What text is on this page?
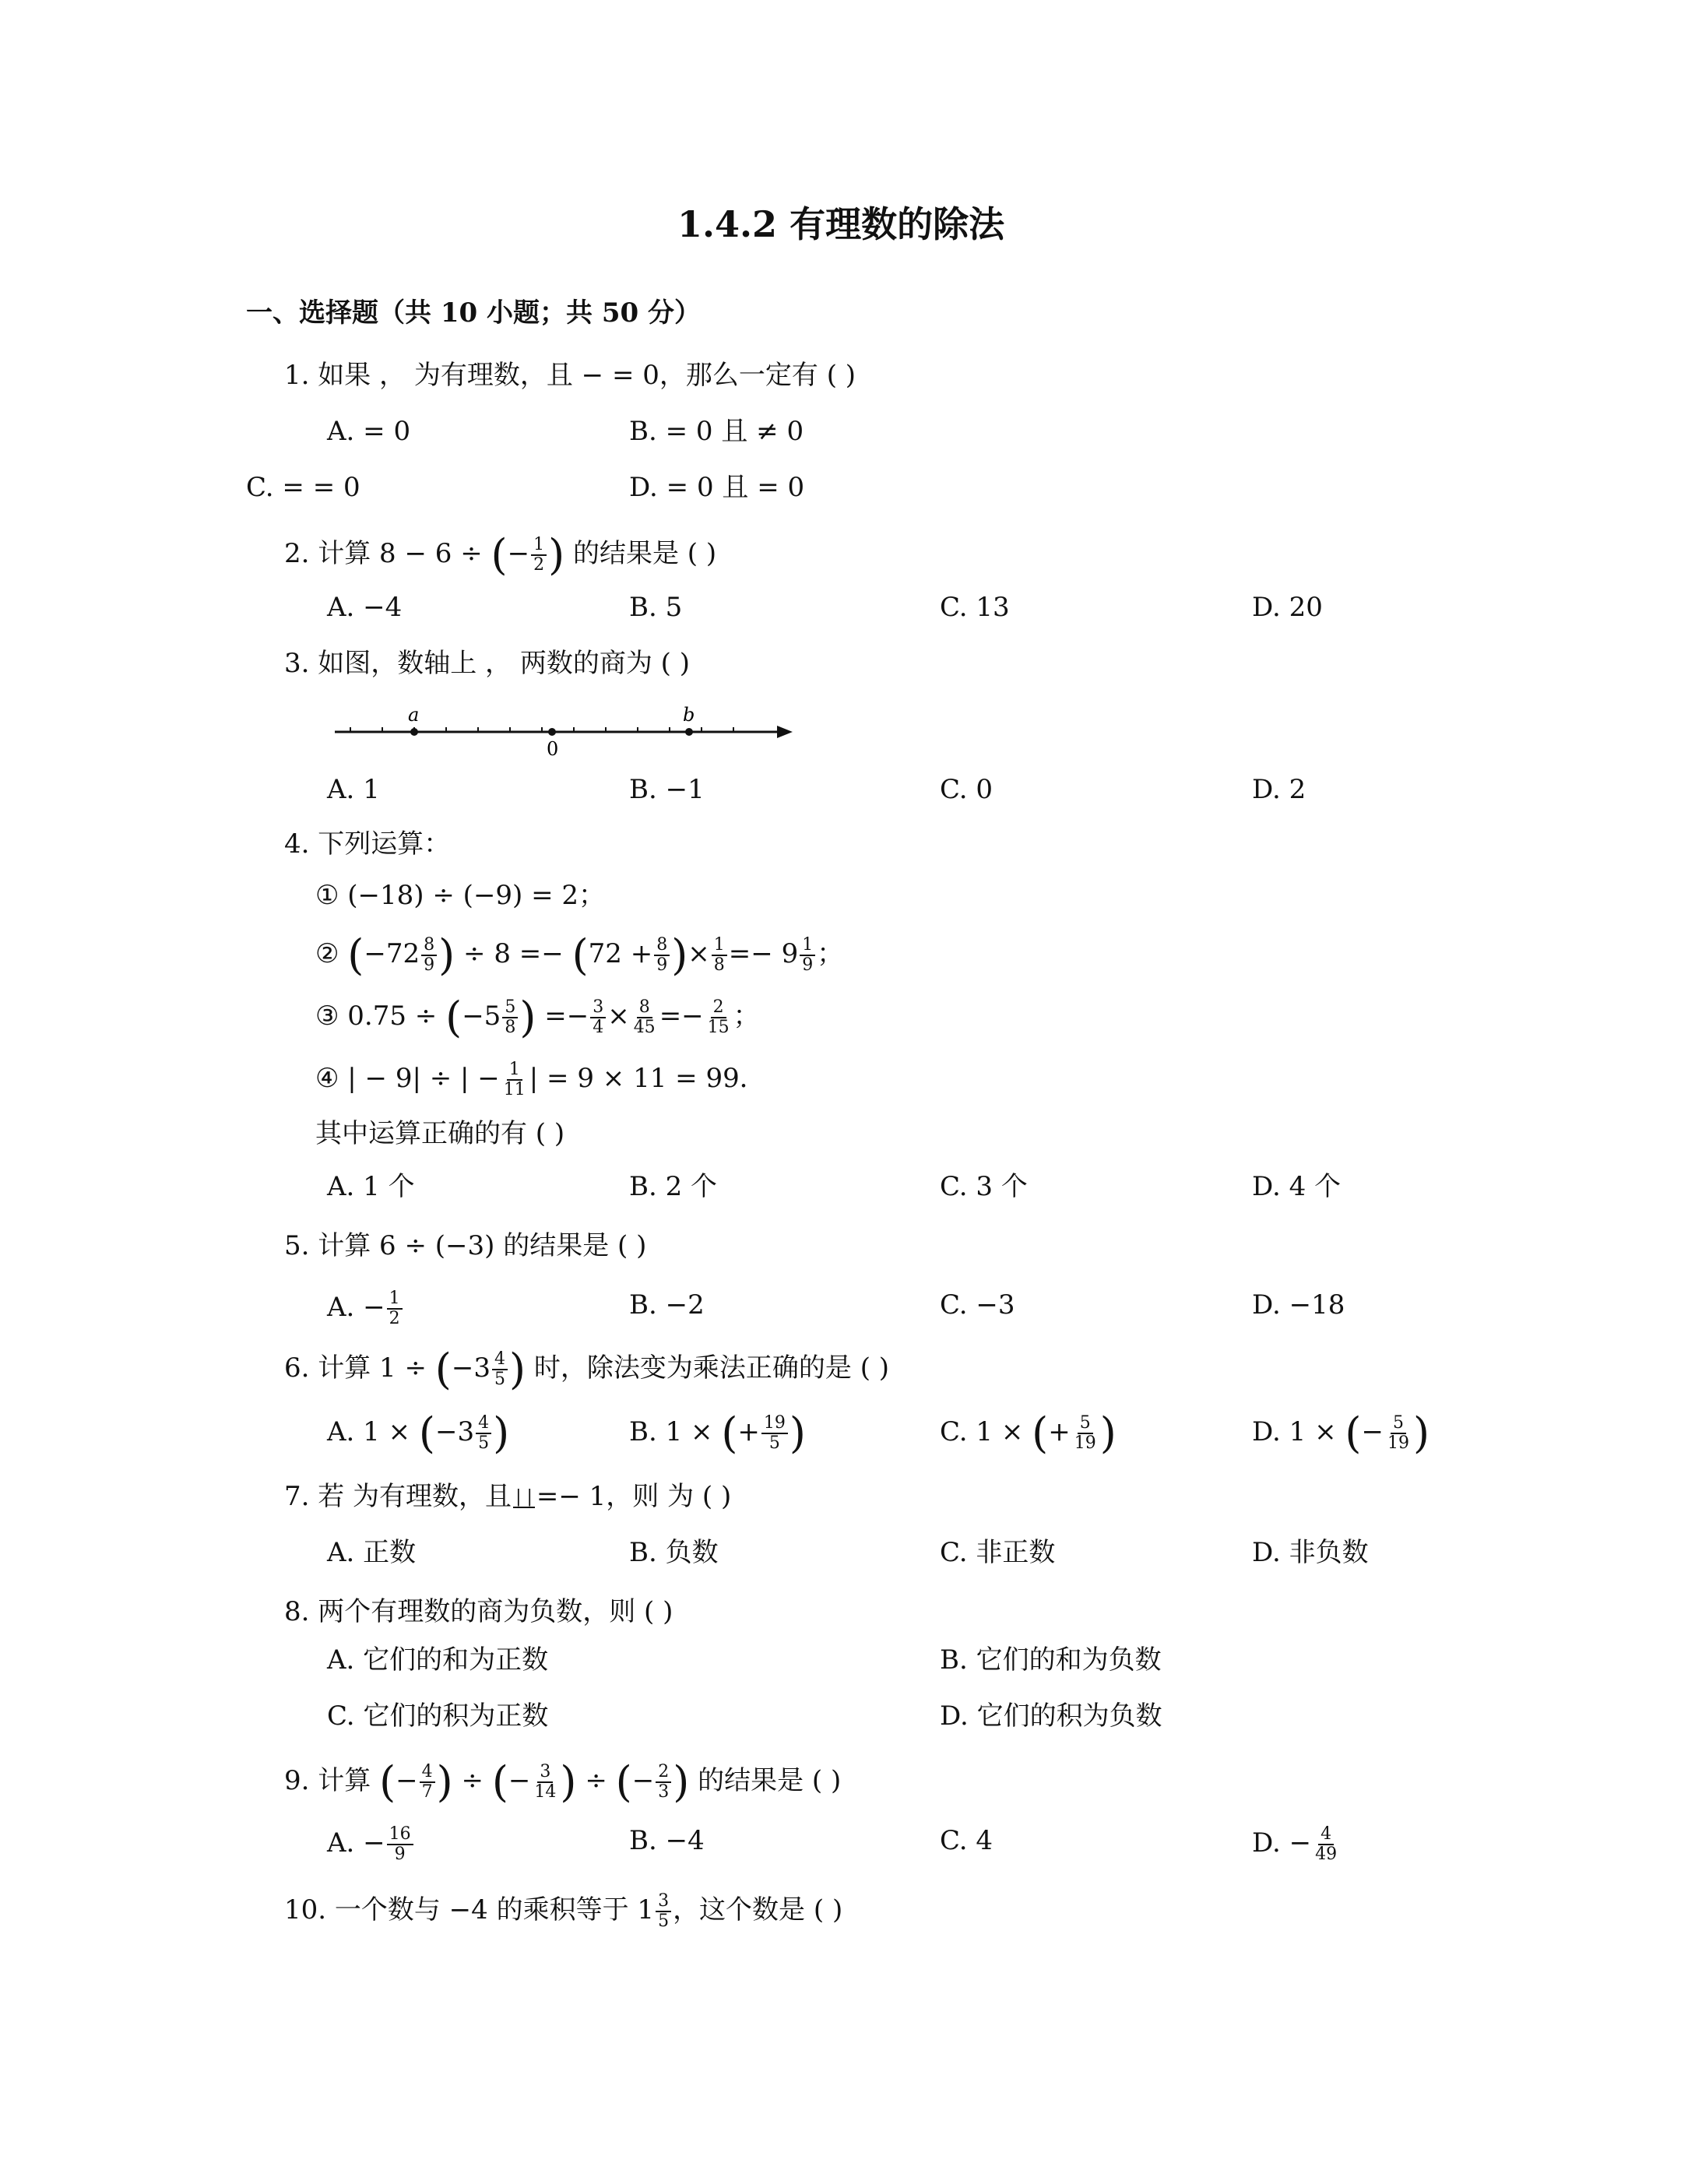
1.4.2 有理数的除法
一、选择题（共 10 小题；共 50 分）
1. 如果 ， 为有理数，且 − = 0，那么一定有 ( )
A. = 0	B. = 0 且 ≠ 0
C. = = 0	D. = 0 且 = 0
2. 计算 8 − 6 ÷ (− $\frac{1}{2}$ ) 的结果是 ( )
A. −4	B. 5	C. 13	D. 20
3. 如图，数轴上 ， 两数的商为 ( )
a	b
0
A. 1	B. −1	C. 0	D. 2
4. 下列运算：
① (−18) ÷ (−9) = 2；
② ($-72 \frac{8}{9}$ ) ÷ $8 =- (72 + \frac{8}{9}$ )× $\frac{1}{8} =- 9 \frac{1}{9}$ ；
③ $0.75 \div (-5 \frac{5}{8}$ ) =− $\frac{3}{4} \times \frac{8}{45} =- \frac{2}{15}$ ；
④ | − 9| ÷ | − $\frac{1}{11}$ | = 9 × 11 = 99．
其中运算正确的有 ( )
A. 1 个	B. 2 个	C. 3 个	D. 4 个
5. 计算 6 ÷ (−3) 的结果是 ( )
A. − $\frac{1}{2}$	B. −2	C. −3	D. −18
6. 计算 $1 \div (-3 \frac{4}{5}$ ) 时，除法变为乘法正确的是 ( )
A. $1 \times (-3 \frac{4}{5}$ )	B. 1 × (+ $\frac{19}{5}$ )	C. 1 × (+ $\frac{5}{19}$ )	D. 1 × (− $\frac{5}{19}$ )
7. 若 为有理数，且 | | =− 1，则 为 ( )
A. 正数	B. 负数	C. 非正数	D. 非负数
8. 两个有理数的商为负数，则 ( )
A. 它们的和为正数	B. 它们的和为负数
C. 它们的积为正数	D. 它们的积为负数
9. 计算 (− $\frac{4}{7}$ ) ÷ (− $\frac{3}{14}$ ) ÷ (− $\frac{2}{3}$ ) 的结果是 ( )
A. − $\frac{16}{9}$	B. −4	C. 4	D. − $\frac{4}{49}$
10. 一个数与 −4 的乘积等于 $1 \frac{3}{5}$ ，这个数是 ( )
